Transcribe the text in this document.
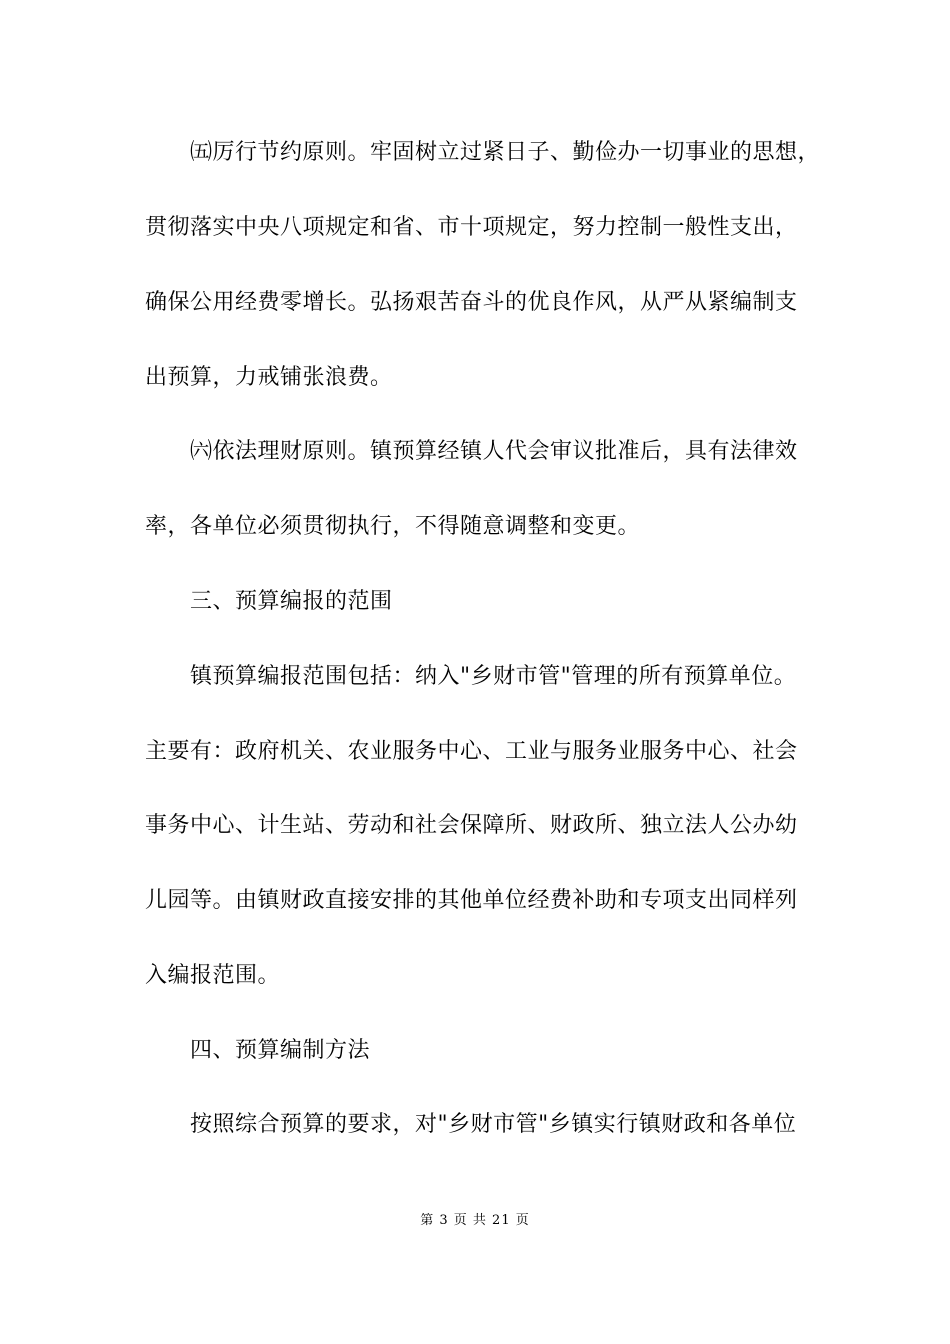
㈤厉行节约原则。牢固树立过紧日子、勤俭办一切事业的思想，
贯彻落实中央八项规定和省、市十项规定，努力控制一般性支出，
确保公用经费零增长。弘扬艰苦奋斗的优良作风，从严从紧编制支
出预算，力戒铺张浪费。
㈥依法理财原则。镇预算经镇人代会审议批准后，具有法律效
率，各单位必须贯彻执行，不得随意调整和变更。
三、预算编报的范围
镇预算编报范围包括：纳入"乡财市管"管理的所有预算单位。
主要有：政府机关、农业服务中心、工业与服务业服务中心、社会
事务中心、计生站、劳动和社会保障所、财政所、独立法人公办幼
儿园等。由镇财政直接安排的其他单位经费补助和专项支出同样列
入编报范围。
四、预算编制方法
按照综合预算的要求，对"乡财市管"乡镇实行镇财政和各单位
第 3 页 共 21 页
